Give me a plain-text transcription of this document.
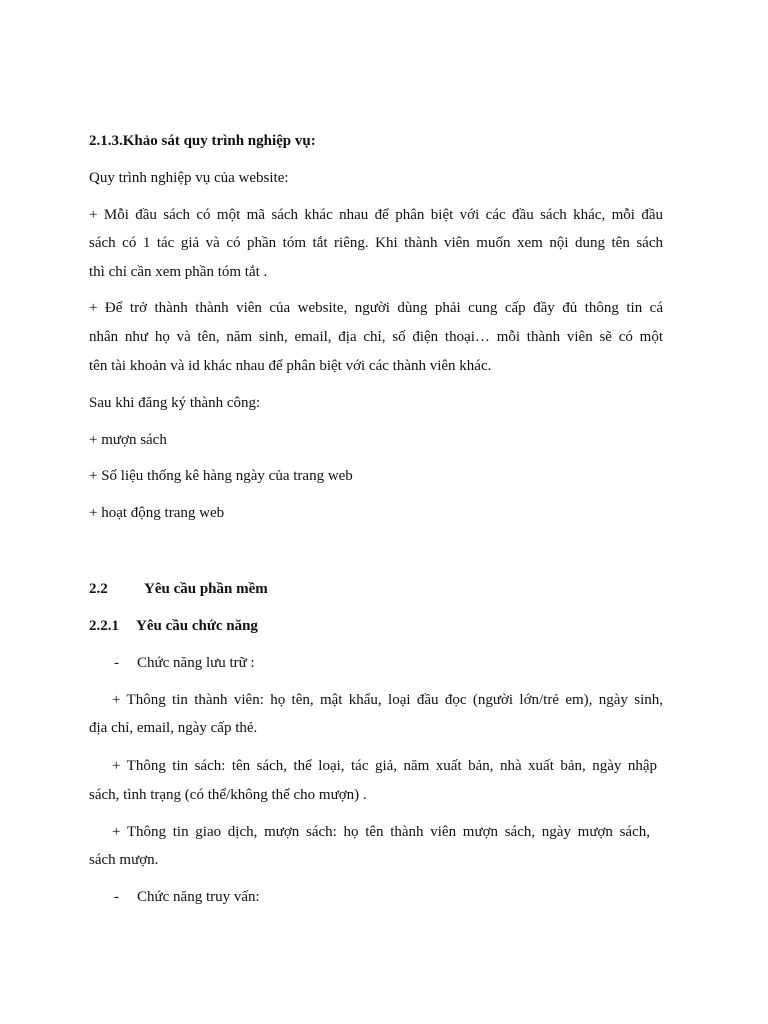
2.1.3.Khảo sát quy trình nghiệp vụ:
Quy trình nghiệp vụ của website:
+ Mỗi đầu sách có một mã sách khác nhau để phân biệt với các đầu sách khác, mỗi đầu
sách có 1 tác giả và có phần tóm tắt riêng. Khi thành viên muốn xem nội dung tên sách
thì chỉ cần xem phần tóm tắt .
+ Để trở thành thành viên của website, người dùng phải cung cấp đầy đủ thông tin cá
nhân như họ và tên, năm sinh, email, địa chỉ, số điện thoại… mỗi thành viên sẽ có một
tên tài khoản và id khác nhau để phân biệt với các thành viên khác.
Sau khi đăng ký thành công:
+ mượn sách
+ Số liệu thống kê hàng ngày của trang web
+ hoạt động trang web
2.2 Yêu cầu phần mềm
2.2.1 Yêu cầu chức năng
- Chức năng lưu trữ :
+ Thông tin thành viên: họ tên, mật khẩu, loại đầu đọc (người lớn/trẻ em), ngày sinh,
địa chỉ, email, ngày cấp thẻ.
+ Thông tin sách: tên sách, thể loại, tác giả, năm xuất bản, nhà xuất bản, ngày nhập
sách, tình trạng (có thể/không thể cho mượn) .
+ Thông tin giao dịch, mượn sách: họ tên thành viên mượn sách, ngày mượn sách,
sách mượn.
- Chức năng truy vấn:
